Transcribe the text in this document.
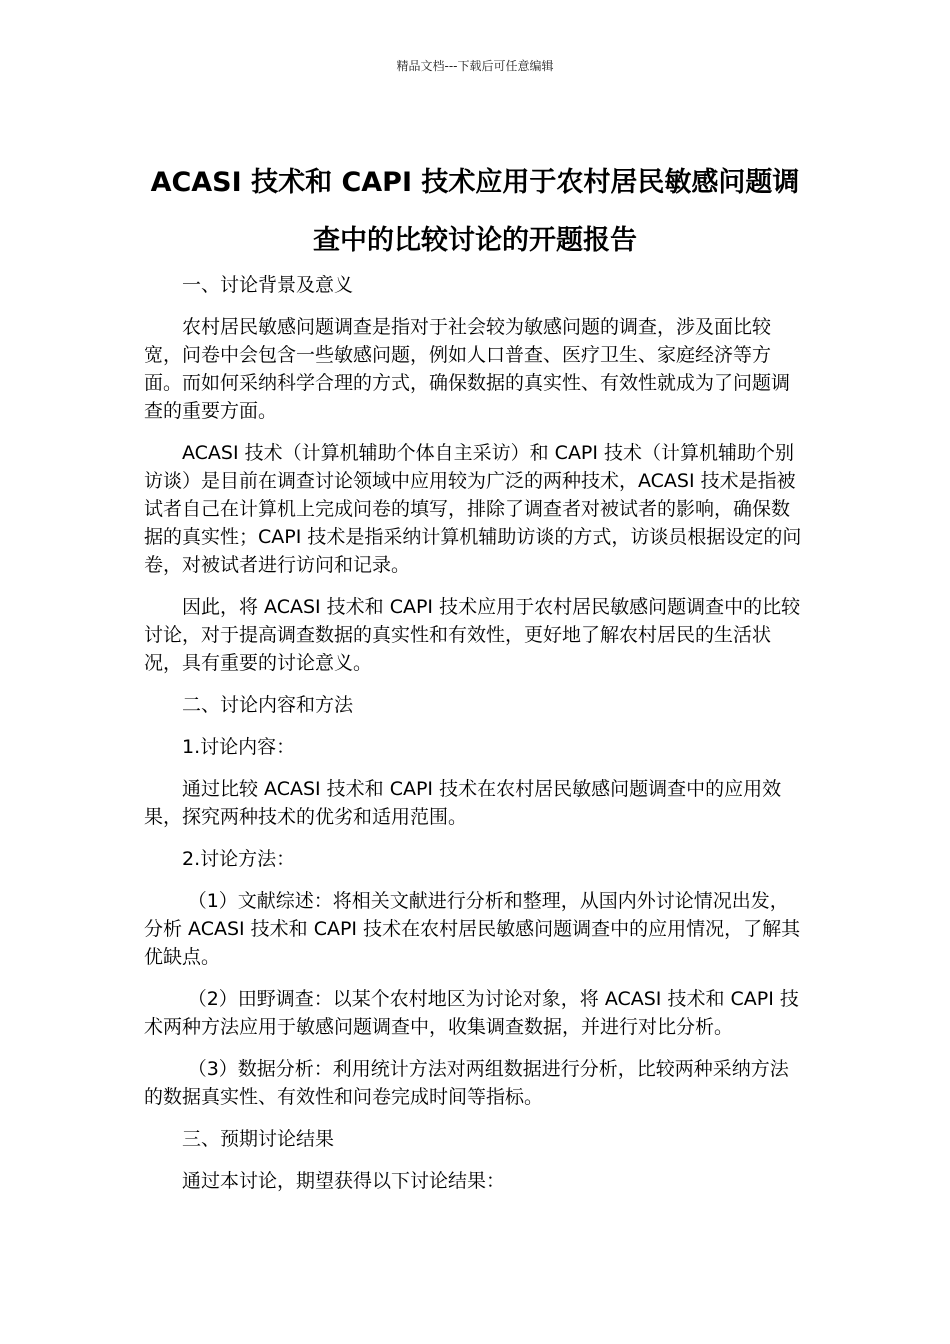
精品文档---下载后可任意编辑
ACASI 技术和 CAPI 技术应用于农村居民敏感问题调
查中的比较讨论的开题报告

一、讨论背景及意义

农村居民敏感问题调查是指对于社会较为敏感问题的调查，涉及面比较宽，问卷中会包含一些敏感问题，例如人口普查、医疗卫生、家庭经济等方面。而如何采纳科学合理的方式，确保数据的真实性、有效性就成为了问题调查的重要方面。

ACASI 技术（计算机辅助个体自主采访）和 CAPI 技术（计算机辅助个别访谈）是目前在调查讨论领域中应用较为广泛的两种技术，ACASI 技术是指被试者自己在计算机上完成问卷的填写，排除了调查者对被试者的影响，确保数据的真实性；CAPI 技术是指采纳计算机辅助访谈的方式，访谈员根据设定的问卷，对被试者进行访问和记录。

因此，将 ACASI 技术和 CAPI 技术应用于农村居民敏感问题调查中的比较讨论，对于提高调查数据的真实性和有效性，更好地了解农村居民的生活状况，具有重要的讨论意义。

二、讨论内容和方法

1.讨论内容：

通过比较 ACASI 技术和 CAPI 技术在农村居民敏感问题调查中的应用效果，探究两种技术的优劣和适用范围。

2.讨论方法：

（1）文献综述：将相关文献进行分析和整理，从国内外讨论情况出发，分析 ACASI 技术和 CAPI 技术在农村居民敏感问题调查中的应用情况，了解其优缺点。

（2）田野调查：以某个农村地区为讨论对象，将 ACASI 技术和 CAPI 技术两种方法应用于敏感问题调查中，收集调查数据，并进行对比分析。

（3）数据分析：利用统计方法对两组数据进行分析，比较两种采纳方法的数据真实性、有效性和问卷完成时间等指标。

三、预期讨论结果

通过本讨论，期望获得以下讨论结果：
